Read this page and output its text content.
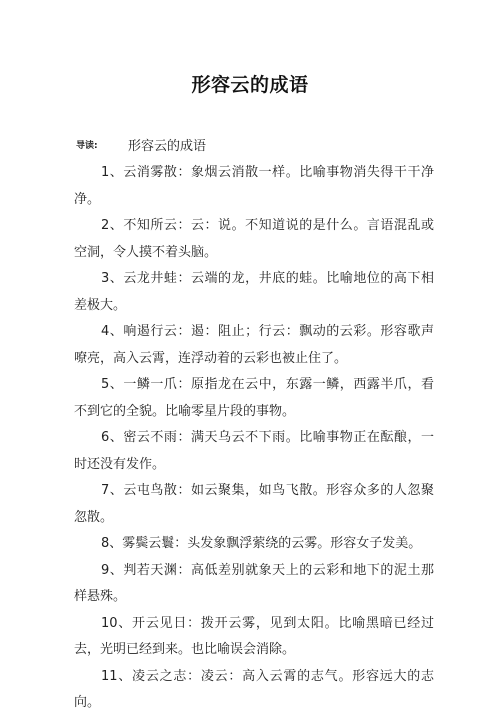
形容云的成语
导读: 形容云的成语

1、云消雾散：象烟云消散一样。比喻事物消失得干干净净。

2、不知所云：云：说。不知道说的是什么。言语混乱或空洞，令人摸不着头脑。

3、云龙井蛙：云端的龙，井底的蛙。比喻地位的高下相差极大。

4、响遏行云：遏：阻止；行云：飘动的云彩。形容歌声嘹亮，高入云霄，连浮动着的云彩也被止住了。

5、一鳞一爪：原指龙在云中，东露一鳞，西露半爪，看不到它的全貌。比喻零星片段的事物。

6、密云不雨：满天乌云不下雨。比喻事物正在酝酿，一时还没有发作。

7、云屯鸟散：如云聚集，如鸟飞散。形容众多的人忽聚忽散。

8、雾鬓云鬟：头发象飘浮萦绕的云雾。形容女子发美。

9、判若天渊：高低差别就象天上的云彩和地下的泥土那样悬殊。

10、开云见日：拨开云雾，见到太阳。比喻黑暗已经过去，光明已经到来。也比喻误会消除。

11、凌云之志：凌云：高入云霄的志气。形容远大的志向。
